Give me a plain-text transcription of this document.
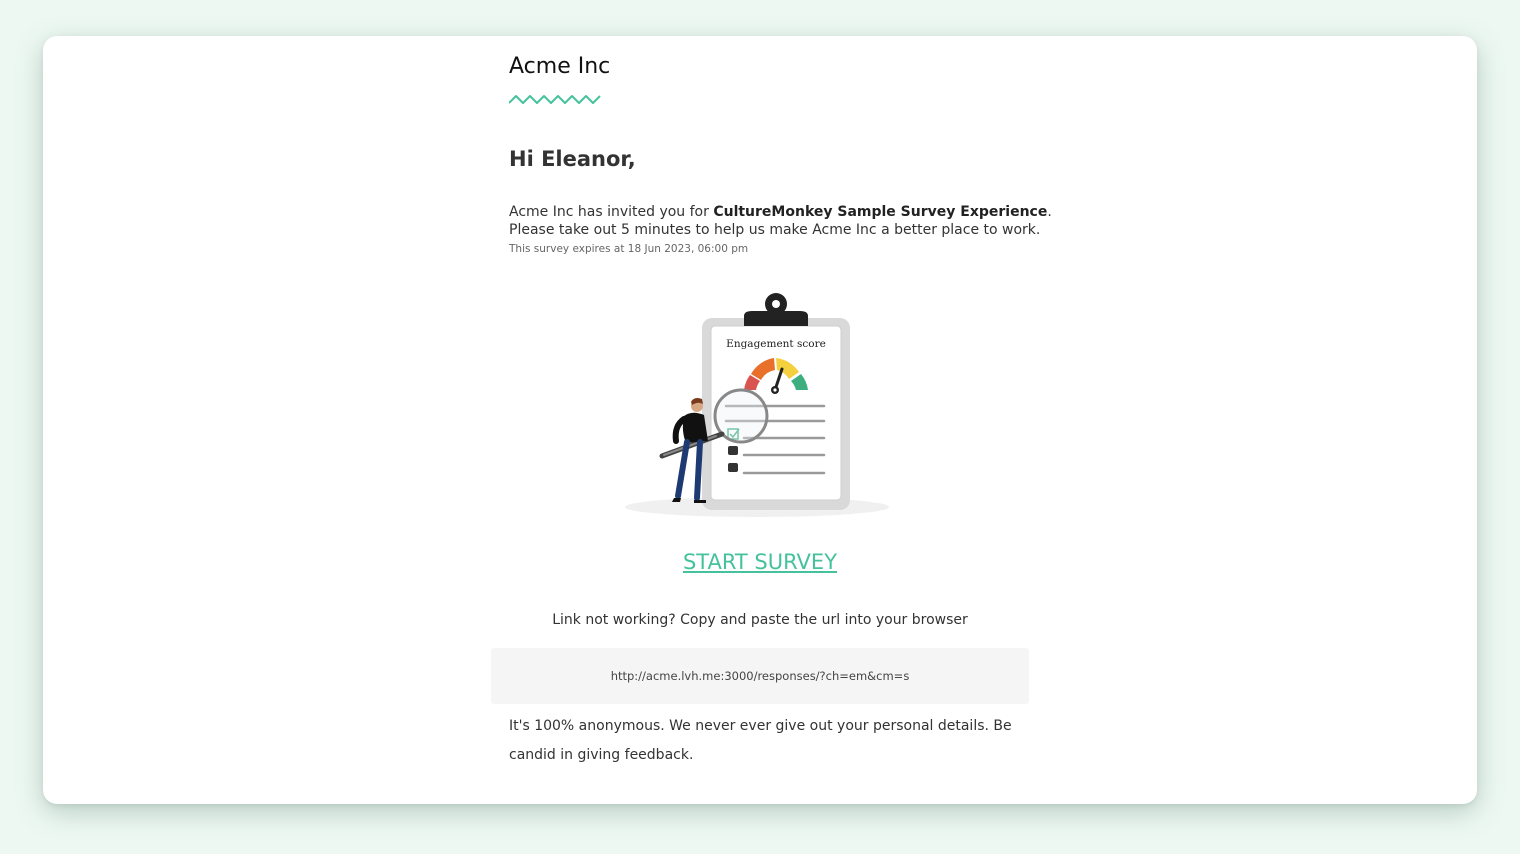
Acme Inc
Hi Eleanor,
Acme Inc has invited you for CultureMonkey Sample Survey Experience.
Please take out 5 minutes to help us make Acme Inc a better place to work.
This survey expires at 18 Jun 2023, 06:00 pm
Engagement score
START SURVEY
Link not working? Copy and paste the url into your browser
http://acme.lvh.me:3000/responses/?ch=em&cm=s
It's 100% anonymous. We never ever give out your personal details. Be candid in giving feedback.
